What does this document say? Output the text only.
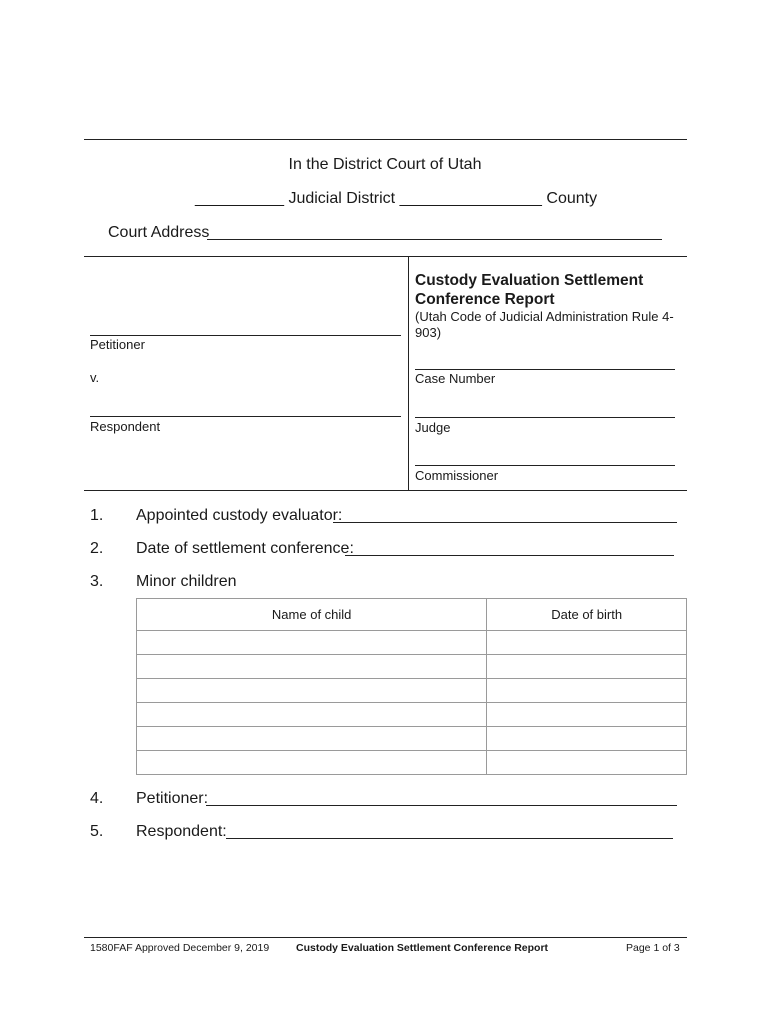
In the District Court of Utah
__________ Judicial District ________________ County
Court Address
Petitioner
v.
Respondent
Custody Evaluation Settlement
Conference Report
(Utah Code of Judicial Administration Rule 4-
903)
Case Number
Judge
Commissioner
1. Appointed custody evaluator:
2. Date of settlement conference:
3. Minor children
Name of child	Date of birth

4. Petitioner:
5. Respondent:
1580FAF Approved December 9, 2019	Custody Evaluation Settlement Conference Report	Page 1 of 3
